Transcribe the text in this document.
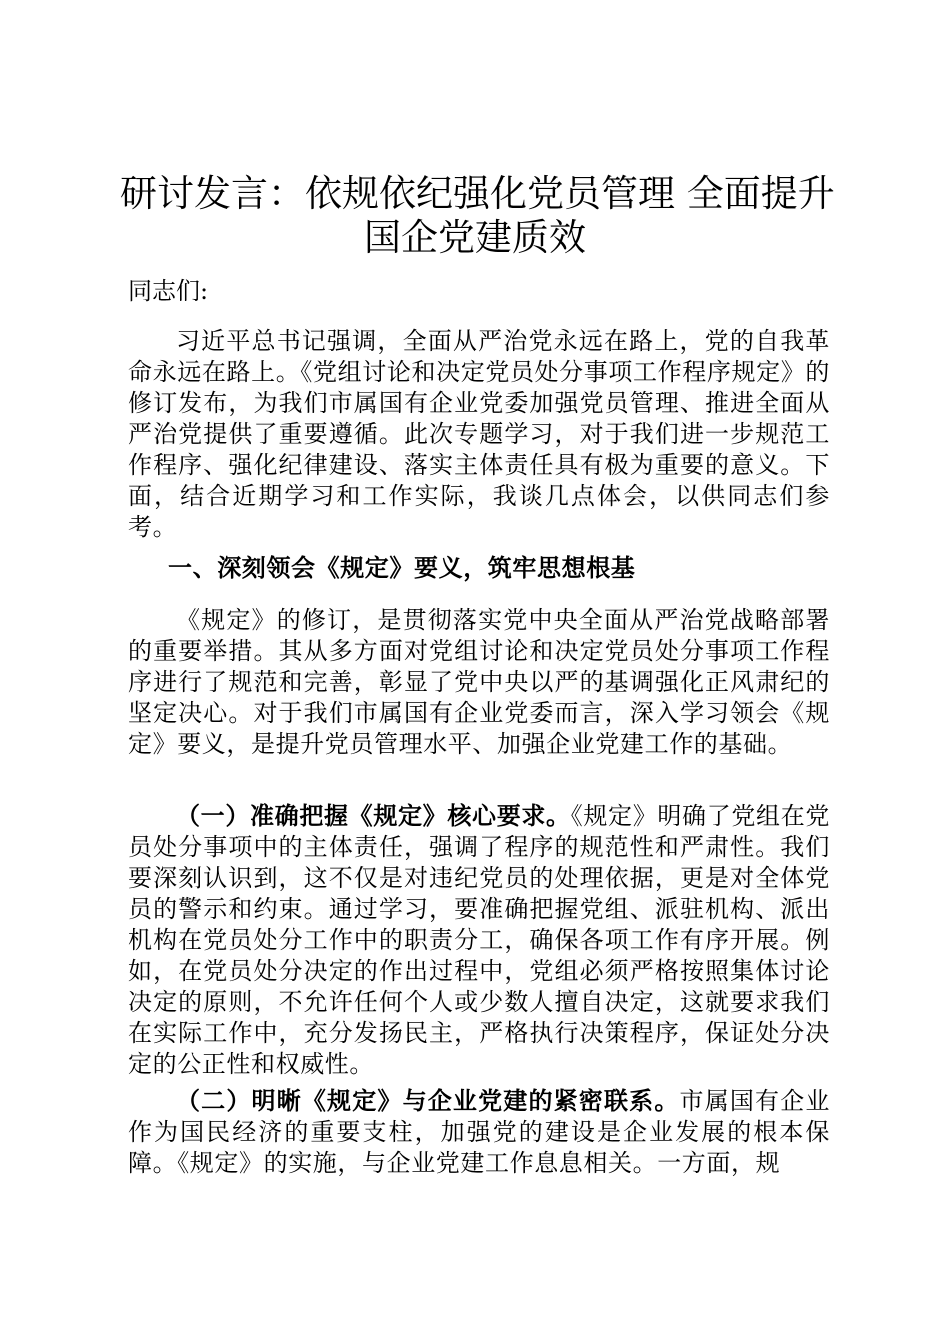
研讨发言：依规依纪强化党员管理 全面提升
国企党建质效

同志们:

习近平总书记强调，全面从严治党永远在路上，党的自我革命永远在路上。《党组讨论和决定党员处分事项工作程序规定》的修订发布，为我们市属国有企业党委加强党员管理、推进全面从严治党提供了重要遵循。此次专题学习，对于我们进一步规范工作程序、强化纪律建设、落实主体责任具有极为重要的意义。下面，结合近期学习和工作实际，我谈几点体会，以供同志们参考。

一、深刻领会《规定》要义，筑牢思想根基

《规定》的修订，是贯彻落实党中央全面从严治党战略部署的重要举措。其从多方面对党组讨论和决定党员处分事项工作程序进行了规范和完善，彰显了党中央以严的基调强化正风肃纪的坚定决心。对于我们市属国有企业党委而言，深入学习领会《规定》要义，是提升党员管理水平、加强企业党建工作的基础。

（一）准确把握《规定》核心要求。《规定》明确了党组在党员处分事项中的主体责任，强调了程序的规范性和严肃性。我们要深刻认识到，这不仅是对违纪党员的处理依据，更是对全体党员的警示和约束。通过学习，要准确把握党组、派驻机构、派出机构在党员处分工作中的职责分工，确保各项工作有序开展。例如，在党员处分决定的作出过程中，党组必须严格按照集体讨论决定的原则，不允许任何个人或少数人擅自决定，这就要求我们在实际工作中，充分发扬民主，严格执行决策程序，保证处分决定的公正性和权威性。

（二）明晰《规定》与企业党建的紧密联系。市属国有企业作为国民经济的重要支柱，加强党的建设是企业发展的根本保障。《规定》的实施，与企业党建工作息息相关。一方面，规
